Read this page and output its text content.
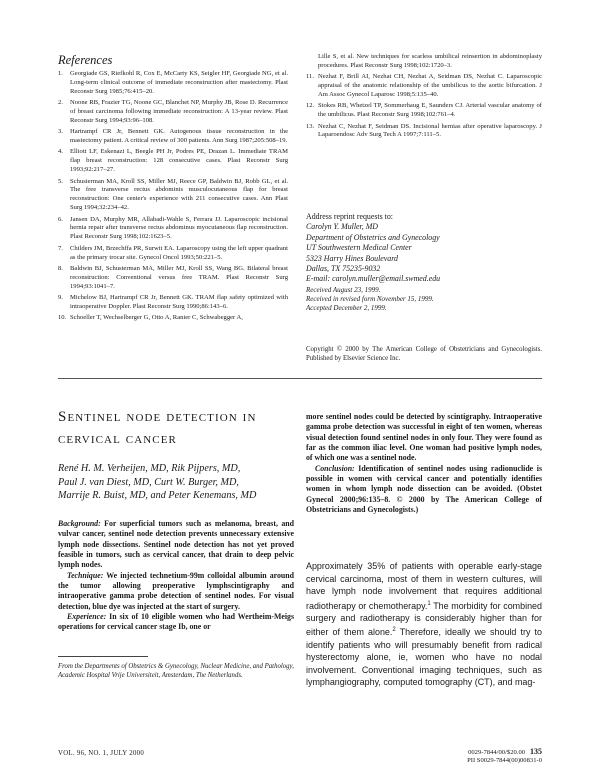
References
1. Georgiade GS, Riefkohl R, Cox E, McCarty KS, Seigler HF, Georgiade NG, et al. Long-term clinical outcome of immediate reconstruction after mastectomy. Plast Reconstr Surg 1985;76:415–20.
2. Noone RB, Frazier TG, Noone GC, Blanchet NP, Murphy JB, Rose D. Recurrence of breast carcinoma following immediate reconstruction: A 13-year review. Plast Reconstr Surg 1994;93:96–108.
3. Hartrampf CR Jr, Bennett GK. Autogenous tissue reconstruction in the mastectomy patient. A critical review of 300 patients. Ann Surg 1987;205:508–19.
4. Elliott LF, Eskenazi L, Beegle PH Jr, Podres PE, Drazan L. Immediate TRAM flap breast reconstruction: 128 consecutive cases. Plast Reconstr Surg 1993;92:217–27.
5. Schusterman MA, Kroll SS, Miller MJ, Reece GP, Baldwin BJ, Robb GL, et al. The free transverse rectus abdominis musculocutaneous flap for breast reconstruction: One center's experience with 211 consecutive cases. Ann Plast Surg 1994;32:234–42.
6. Jansen DA, Murphy MR, Allabadi-Wahle S, Ferrara JJ. Laparoscopic incisional hernia repair after transverse rectus abdominus myocutaneous flap reconstruction. Plast Reconstr Surg 1998;102:1623–5.
7. Childers JM, Brzechffa PR, Surwit EA. Laparoscopy using the left upper quadrant as the primary trocar site. Gynecol Oncol 1993;50:221–5.
8. Baldwin BJ, Schusterman MA, Miller MJ, Kroll SS, Wang BG. Bilateral breast reconstruction: Conventional versus free TRAM. Plast Reconstr Surg 1994;93:1041–7.
9. Michelow BJ, Hartrampf CR Jr, Bennett GK. TRAM flap safety optimized with intraoperative Doppler. Plast Reconstr Surg 1990;86:143–6.
10. Schoeller T, Wechselberger G, Otto A, Ranier C, Schwabegger A,
Lille S, et al. New techniques for scarless umbilical reinsertion in abdominoplasty procedures. Plast Reconstr Surg 1998;102:1720–3.
11. Nezhat F, Brill AI, Nezhat CH, Nezhat A, Seidman DS, Nezhat C. Laparoscopic appraisal of the anatomic relationship of the umbilicus to the aortic bifurcation. J Am Assoc Gynecol Laparosc 1998;5:135–40.
12. Stokes RB, Whetzel TP, Sommerhaug E, Saunders CJ. Arterial vascular anatomy of the umbilicus. Plast Reconstr Surg 1998;102:761–4.
13. Nezhat C, Nezhat F, Seidman DS. Incisional hernias after operative laparoscopy. J Laparoendosc Adv Surg Tech A 1997;7:111–5.
Address reprint requests to:
Carolyn Y. Muller, MD
Department of Obstetrics and Gynecology
UT Southwestern Medical Center
5323 Harry Hines Boulevard
Dallas, TX 75235-9032
E-mail: carolyn.muller@email.swmed.edu
Received August 23, 1999.
Received in revised form November 15, 1999.
Accepted December 2, 1999.
Copyright © 2000 by The American College of Obstetricians and Gynecologists. Published by Elsevier Science Inc.
Sentinel node detection in
cervical cancer
René H. M. Verheijen, MD, Rik Pijpers, MD,
Paul J. van Diest, MD, Curt W. Burger, MD,
Marrije R. Buist, MD, and Peter Kenemans, MD

Background: For superficial tumors such as melanoma, breast, and vulvar cancer, sentinel node detection prevents unnecessary extensive lymph node dissections. Sentinel node detection has not yet proved feasible in tumors, such as cervical cancer, that drain to deep pelvic lymph nodes.

Technique: We injected technetium-99m colloidal albumin around the tumor allowing preoperative lymphscintigraphy and intraoperative gamma probe detection of sentinel nodes. For visual detection, blue dye was injected at the start of surgery.

Experience: In six of 10 eligible women who had Wertheim-Meigs operations for cervical cancer stage Ib, one or

more sentinel nodes could be detected by scintigraphy. Intraoperative gamma probe detection was successful in eight of ten women, whereas visual detection found sentinel nodes in only four. They were found as far as the common iliac level. One woman had positive lymph nodes, of which one was a sentinel node.

Conclusion: Identification of sentinel nodes using radionuclide is possible in women with cervical cancer and potentially identifies women in whom lymph node dissection can be avoided. (Obstet Gynecol 2000;96:135–8. © 2000 by The American College of Obstetricians and Gynecologists.)

From the Departments of Obstetrics & Gynecology, Nuclear Medicine, and Pathology, Academic Hospital Vrije Universiteit, Amsterdam, The Netherlands.
Approximately 35% of patients with operable early-stage cervical carcinoma, most of them in western cultures, will have lymph node involvement that requires additional radiotherapy or chemotherapy.$^1$ The morbidity for combined surgery and radiotherapy is considerably higher than for either of them alone.$^2$ Therefore, ideally we should try to identify patients who will presumably benefit from radical hysterectomy alone, ie, women who have no nodal involvement. Conventional imaging techniques, such as lymphangiography, computed tomography (CT), and mag-
VOL. 96, NO. 1, JULY 2000	0029-7844/00/$20.00 135
PII S0029-7844(00)00831-0
